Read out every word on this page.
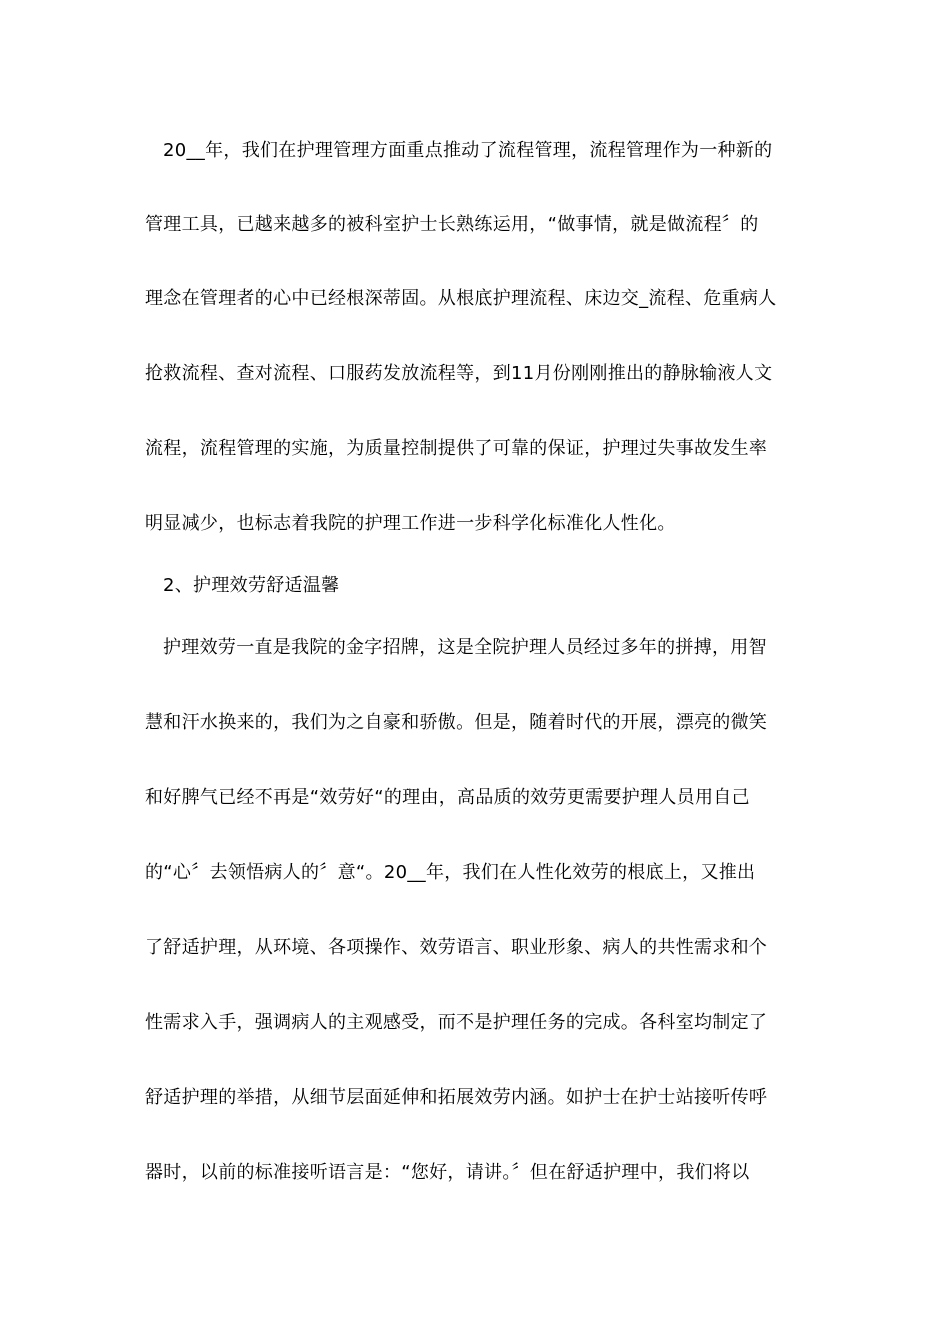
20__年，我们在护理管理方面重点推动了流程管理，流程管理作为一种新的
管理工具，已越来越多的被科室护士长熟练运用，“做事情，就是做流程〞的
理念在管理者的心中已经根深蒂固。从根底护理流程、床边交_流程、危重病人
抢救流程、查对流程、口服药发放流程等，到11月份刚刚推出的静脉输液人文
流程，流程管理的实施，为质量控制提供了可靠的保证，护理过失事故发生率
明显减少，也标志着我院的护理工作进一步科学化标准化人性化。
2、护理效劳舒适温馨
护理效劳一直是我院的金字招牌，这是全院护理人员经过多年的拼搏，用智
慧和汗水换来的，我们为之自豪和骄傲。但是，随着时代的开展，漂亮的微笑
和好脾气已经不再是“效劳好“的理由，高品质的效劳更需要护理人员用自己
的“心〞去领悟病人的〞意“。20__年，我们在人性化效劳的根底上，又推出
了舒适护理，从环境、各项操作、效劳语言、职业形象、病人的共性需求和个
性需求入手，强调病人的主观感受，而不是护理任务的完成。各科室均制定了
舒适护理的举措，从细节层面延伸和拓展效劳内涵。如护士在护士站接听传呼
器时，以前的标准接听语言是：“您好，请讲。〞但在舒适护理中，我们将以
